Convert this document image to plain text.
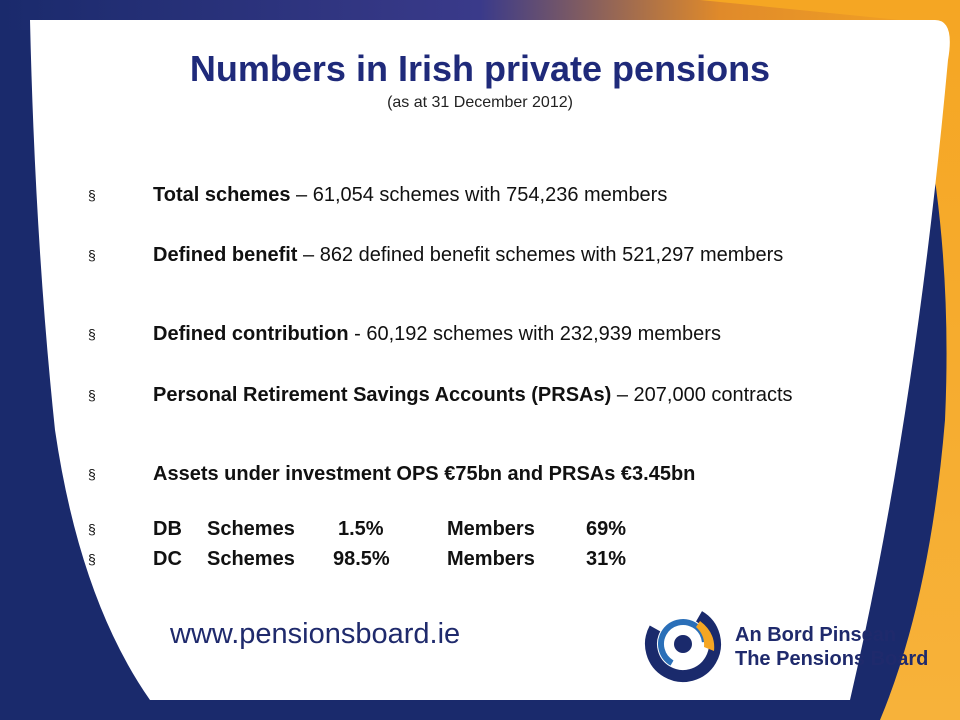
Numbers in Irish private pensions
(as at 31 December 2012)
§	Total schemes – 61,054 schemes with 754,236 members
§	Defined benefit – 862 defined benefit schemes with 521,297 members
§	Defined contribution - 60,192 schemes with 232,939 members
§	Personal Retirement Savings Accounts (PRSAs) – 207,000 contracts
§	Assets under investment OPS €75bn and PRSAs €3.45bn
§	DB Schemes 1.5%	Members	69%
§	DC Schemes 98.5%	Members	31%
www.pensionsboard.ie	An Bord Pinsean
The Pensions Board
